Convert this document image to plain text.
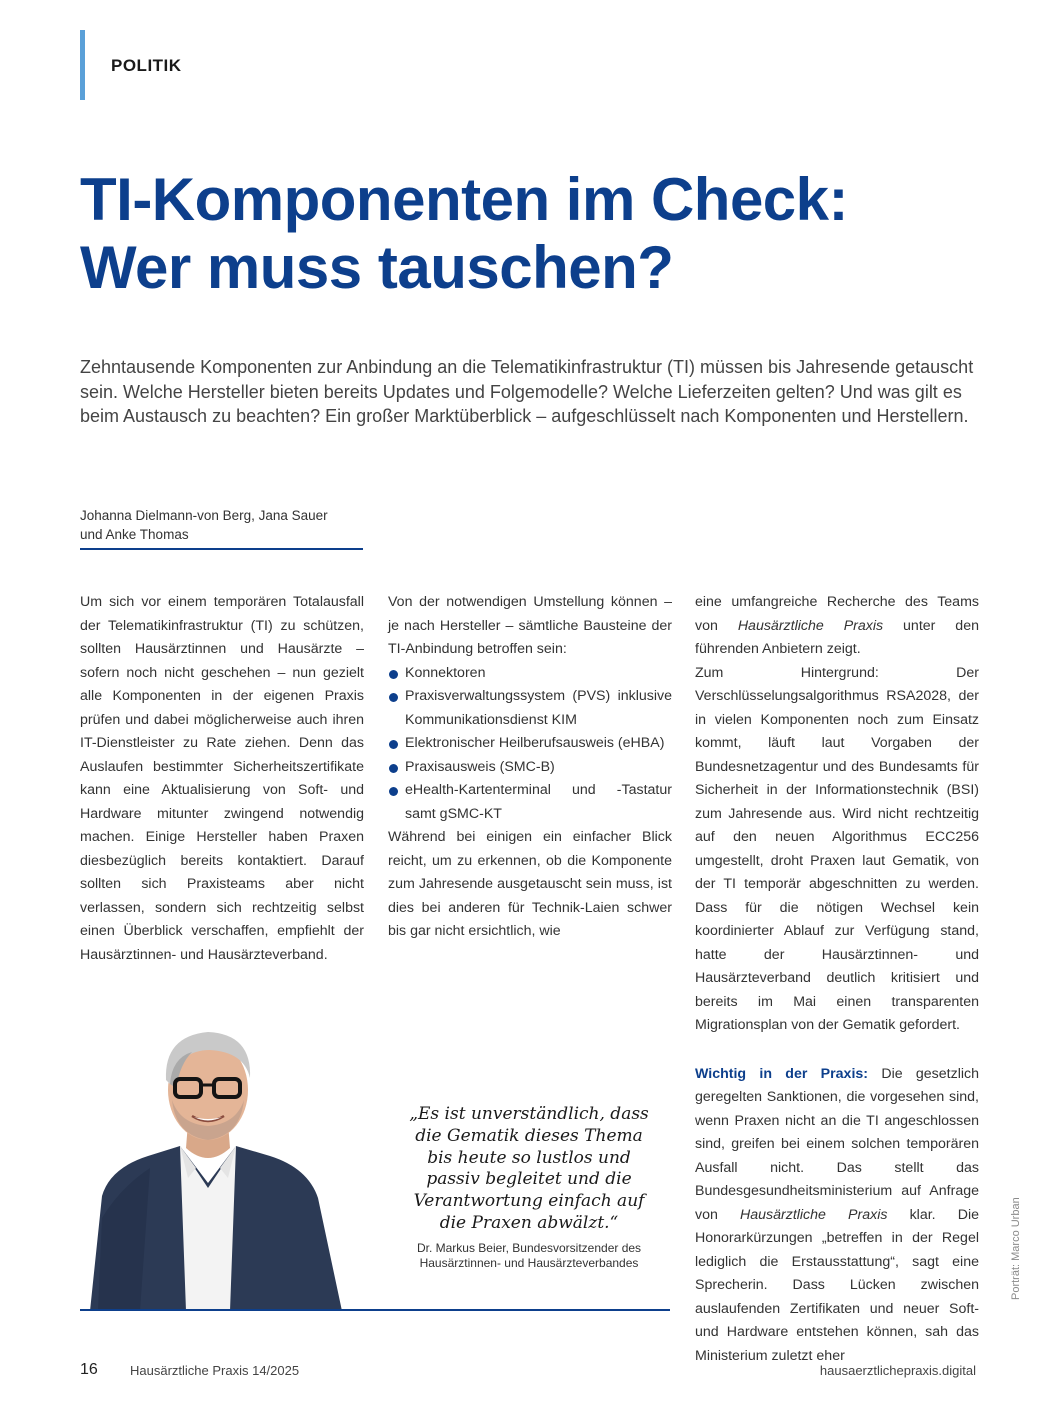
POLITIK
TI-Komponenten im Check:
Wer muss tauschen?

Zehntausende Komponenten zur Anbindung an die Telematikinfrastruktur (TI) müssen bis Jahresende getauscht sein. Welche Hersteller bieten bereits Updates und Folgemodelle? Welche Lieferzeiten gelten? Und was gilt es beim Austausch zu beachten? Ein großer Marktüberblick – aufgeschlüsselt nach Komponenten und Herstellern.

Johanna Dielmann-von Berg, Jana Sauer
und Anke Thomas

Um sich vor einem temporären Totalausfall der Telematikinfrastruktur (TI) zu schützen, sollten Hausärztinnen und Hausärzte – sofern noch nicht geschehen – nun gezielt alle Komponenten in der eigenen Praxis prüfen und dabei möglicherweise auch ihren IT-Dienstleister zu Rate ziehen. Denn das Auslaufen bestimmter Sicherheitszertifikate kann eine Aktualisierung von Soft- und Hardware mitunter zwingend notwendig machen. Einige Hersteller haben Praxen diesbezüglich bereits kontaktiert. Darauf sollten sich Praxisteams aber nicht verlassen, sondern sich rechtzeitig selbst einen Überblick verschaffen, empfiehlt der Hausärztinnen- und Hausärzteverband.

Von der notwendigen Umstellung können – je nach Hersteller – sämtliche Bausteine der TI-Anbindung betroffen sein:

Konnektoren
Praxisverwaltungssystem (PVS) inklusive Kommunikationsdienst KIM
Elektronischer Heilberufsausweis (eHBA)
Praxisausweis (SMC-B)
eHealth-Kartenterminal und -Tastatur samt gSMC-KT

Während bei einigen ein einfacher Blick reicht, um zu erkennen, ob die Komponente zum Jahresende ausgetauscht sein muss, ist dies bei anderen für Technik-Laien schwer bis gar nicht ersichtlich, wie

eine umfangreiche Recherche des Teams von Hausärztliche Praxis unter den führenden Anbietern zeigt.

Zum Hintergrund: Der Verschlüsselungsalgorithmus RSA2028, der in vielen Komponenten noch zum Einsatz kommt, läuft laut Vorgaben der Bundesnetzagentur und des Bundesamts für Sicherheit in der Informationstechnik (BSI) zum Jahresende aus. Wird nicht rechtzeitig auf den neuen Algorithmus ECC256 umgestellt, droht Praxen laut Gematik, von der TI temporär abgeschnitten zu werden. Dass für die nötigen Wechsel kein koordinierter Ablauf zur Verfügung stand, hatte der Hausärztinnen- und Hausärzteverband deutlich kritisiert und bereits im Mai einen transparenten Migrationsplan von der Gematik gefordert.

Wichtig in der Praxis: Die gesetzlich geregelten Sanktionen, die vorgesehen sind, wenn Praxen nicht an die TI angeschlossen sind, greifen bei einem solchen temporären Ausfall nicht. Das stellt das Bundesgesundheitsministerium auf Anfrage von Hausärztliche Praxis klar. Die Honorarkürzungen „betreffen in der Regel lediglich die Erstausstattung“, sagt eine Sprecherin. Dass Lücken zwischen auslaufenden Zertifikaten und neuer Soft- und Hardware entstehen können, sah das Ministerium zuletzt eher

„Es ist unverständlich, dass die Gematik dieses Thema bis heute so lustlos und passiv begleitet und die Verantwortung einfach auf die Praxen abwälzt.“
Dr. Markus Beier, Bundesvorsitzender des Hausärztinnen- und Hausärzteverbandes	Porträt: Marco Urban
16 Hausärztliche Praxis 14/2025	hausaerztlichepraxis.digital
